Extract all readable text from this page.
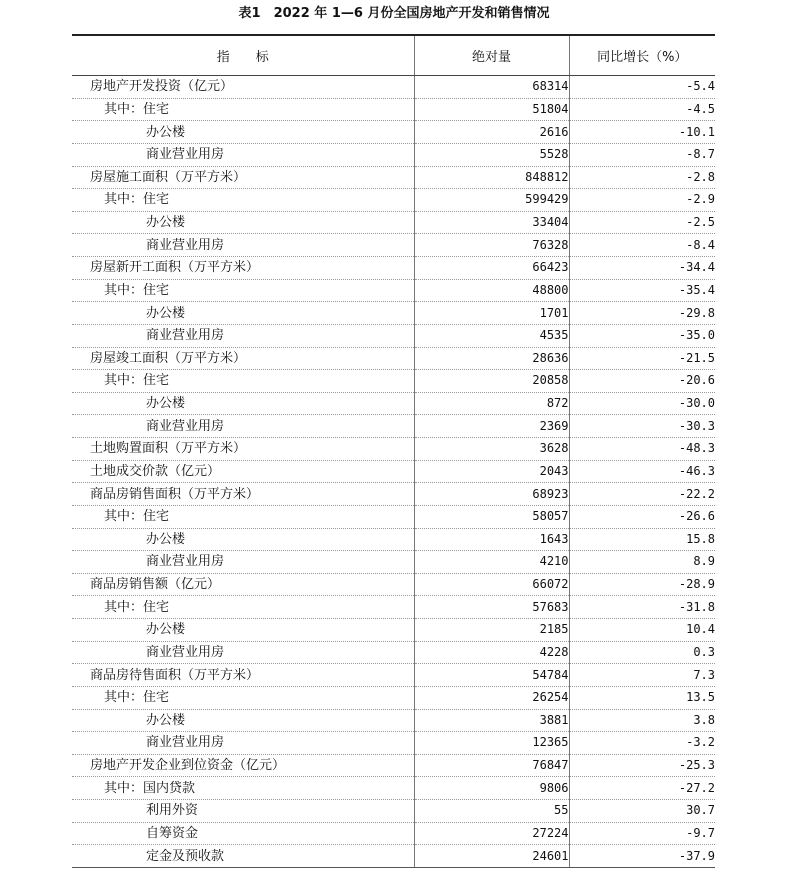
表1　2022 年 1—6 月份全国房地产开发和销售情况
指　　标	绝对量	同比增长（%）
房地产开发投资（亿元）	68314	-5.4
其中：住宅	51804	-4.5
办公楼	2616	-10.1
商业营业用房	5528	-8.7
房屋施工面积（万平方米）	848812	-2.8
其中：住宅	599429	-2.9
办公楼	33404	-2.5
商业营业用房	76328	-8.4
房屋新开工面积（万平方米）	66423	-34.4
其中：住宅	48800	-35.4
办公楼	1701	-29.8
商业营业用房	4535	-35.0
房屋竣工面积（万平方米）	28636	-21.5
其中：住宅	20858	-20.6
办公楼	872	-30.0
商业营业用房	2369	-30.3
土地购置面积（万平方米）	3628	-48.3
土地成交价款（亿元）	2043	-46.3
商品房销售面积（万平方米）	68923	-22.2
其中：住宅	58057	-26.6
办公楼	1643	15.8
商业营业用房	4210	8.9
商品房销售额（亿元）	66072	-28.9
其中：住宅	57683	-31.8
办公楼	2185	10.4
商业营业用房	4228	0.3
商品房待售面积（万平方米）	54784	7.3
其中：住宅	26254	13.5
办公楼	3881	3.8
商业营业用房	12365	-3.2
房地产开发企业到位资金（亿元）	76847	-25.3
其中：国内贷款	9806	-27.2
利用外资	55	30.7
自筹资金	27224	-9.7
定金及预收款	24601	-37.9
